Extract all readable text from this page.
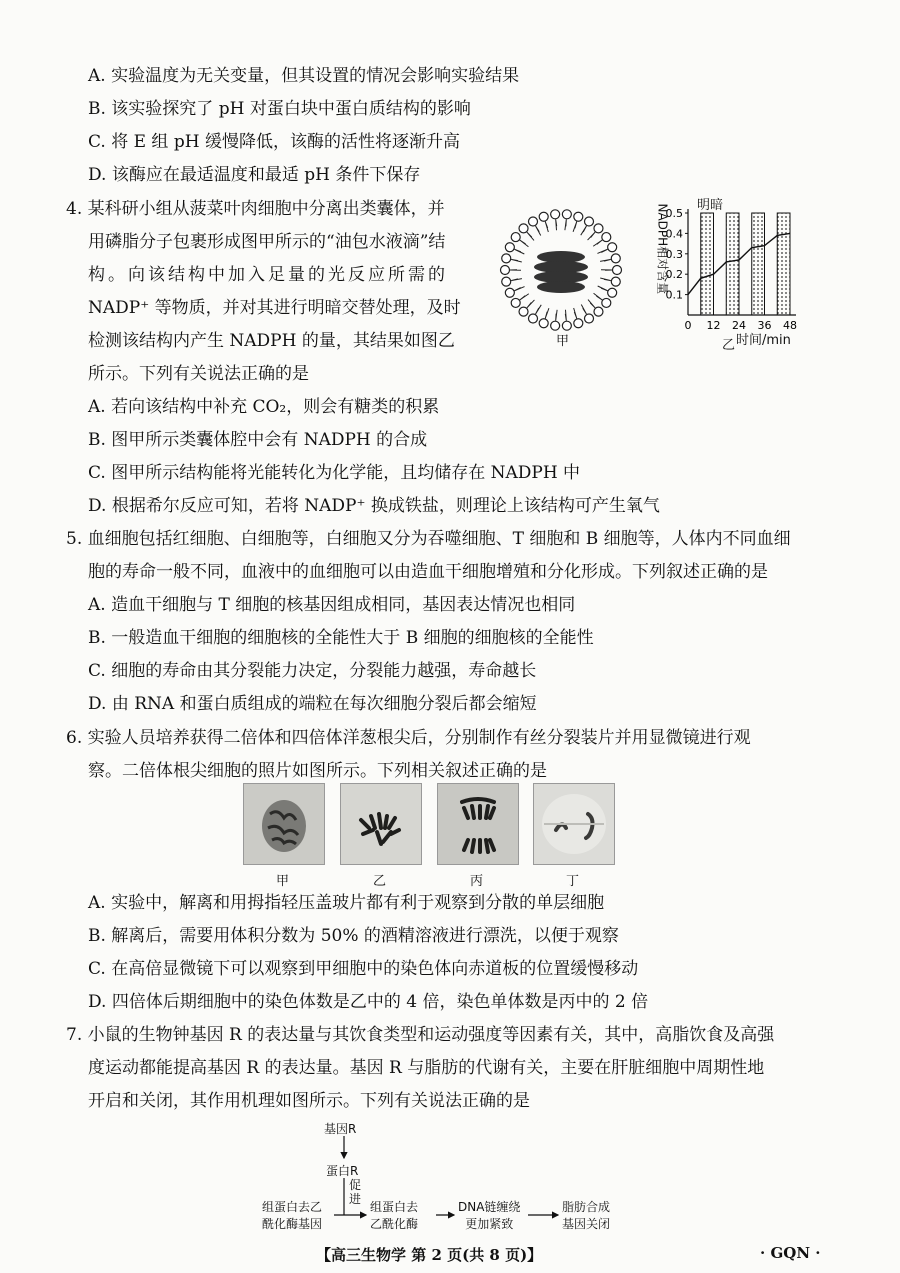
A. 实验温度为无关变量，但其设置的情况会影响实验结果
B. 该实验探究了 pH 对蛋白块中蛋白质结构的影响
C. 将 E 组 pH 缓慢降低，该酶的活性将逐渐升高
D. 该酶应在最适温度和最适 pH 条件下保存
4. 某科研小组从菠菜叶肉细胞中分离出类囊体，并
用磷脂分子包裹形成图甲所示的“油包水液滴”结
构。向该结构中加入足量的光反应所需的
NADP⁺ 等物质，并对其进行明暗交替处理，及时
检测该结构内产生 NADPH 的量，其结果如图乙
所示。下列有关说法正确的是
甲
0.1
0.2
0.3
0.4
0.5
0 12 24 36 48
明暗
NADPH相对含量
乙 时间/min
A. 若向该结构中补充 CO₂，则会有糖类的积累
B. 图甲所示类囊体腔中会有 NADPH 的合成
C. 图甲所示结构能将光能转化为化学能，且均储存在 NADPH 中
D. 根据希尔反应可知，若将 NADP⁺ 换成铁盐，则理论上该结构可产生氧气
5. 血细胞包括红细胞、白细胞等，白细胞又分为吞噬细胞、T 细胞和 B 细胞等，人体内不同血细
胞的寿命一般不同，血液中的血细胞可以由造血干细胞增殖和分化形成。下列叙述正确的是
A. 造血干细胞与 T 细胞的核基因组成相同，基因表达情况也相同
B. 一般造血干细胞的细胞核的全能性大于 B 细胞的细胞核的全能性
C. 细胞的寿命由其分裂能力决定，分裂能力越强，寿命越长
D. 由 RNA 和蛋白质组成的端粒在每次细胞分裂后都会缩短
6. 实验人员培养获得二倍体和四倍体洋葱根尖后，分别制作有丝分裂装片并用显微镜进行观
察。二倍体根尖细胞的照片如图所示。下列相关叙述正确的是
甲	乙	丙	丁
A. 实验中，解离和用拇指轻压盖玻片都有利于观察到分散的单层细胞
B. 解离后，需要用体积分数为 50% 的酒精溶液进行漂洗，以便于观察
C. 在高倍显微镜下可以观察到甲细胞中的染色体向赤道板的位置缓慢移动
D. 四倍体后期细胞中的染色体数是乙中的 4 倍，染色单体数是丙中的 2 倍
7. 小鼠的生物钟基因 R 的表达量与其饮食类型和运动强度等因素有关，其中，高脂饮食及高强
度运动都能提高基因 R 的表达量。基因 R 与脂肪的代谢有关，主要在肝脏细胞中周期性地
开启和关闭，其作用机理如图所示。下列有关说法正确的是
基因R
蛋白R
促
进
组蛋白去乙
酰化酶基因
组蛋白去
乙酰化酶
DNA链缠绕
更加紧致
脂肪合成
基因关闭
【高三生物学 第 2 页(共 8 页)】	· GQN ·
